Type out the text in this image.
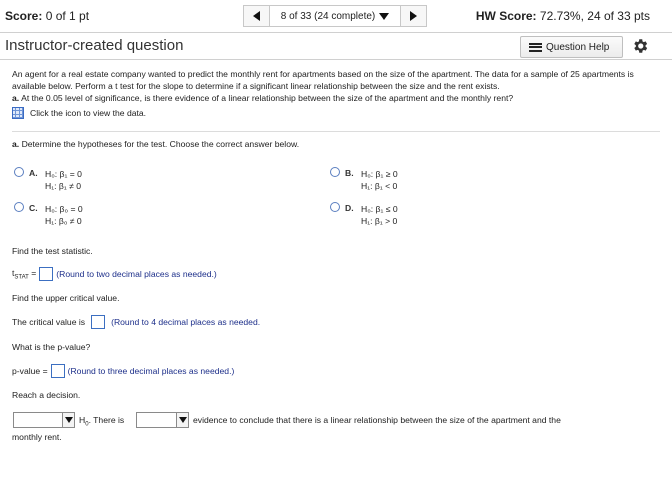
Score: 0 of 1 pt	8 of 33 (24 complete)	HW Score: 72.73%, 24 of 33 pts
Instructor-created question	Question Help

An agent for a real estate company wanted to predict the monthly rent for apartments based on the size of the apartment. The data for a sample of 25 apartments is available below. Perform a t test for the slope to determine if a significant linear relationship between the size and the rent exists.

a. At the 0.05 level of significance, is there evidence of a linear relationship between the size of the apartment and the monthly rent?

Click the icon to view the data.
a. Determine the hypotheses for the test. Choose the correct answer below.
A. H₀: β₁ = 0
H₁: β₁ ≠ 0
B. H₀: β₁ ≥ 0
H₁: β₁ < 0
C. H₀: β₀ = 0
H₁: β₀ ≠ 0
D. H₀: β₁ ≤ 0
H₁: β₁ > 0
Find the test statistic.
$t_{STAT}$ = (Round to two decimal places as needed.)
Find the upper critical value.
The critical value is	(Round to 4 decimal places as needed.
What is the p-value?
p-value = (Round to three decimal places as needed.)
Reach a decision.
$H_0$. There is	evidence to conclude that there is a linear relationship between the size of the apartment and the
monthly rent.
